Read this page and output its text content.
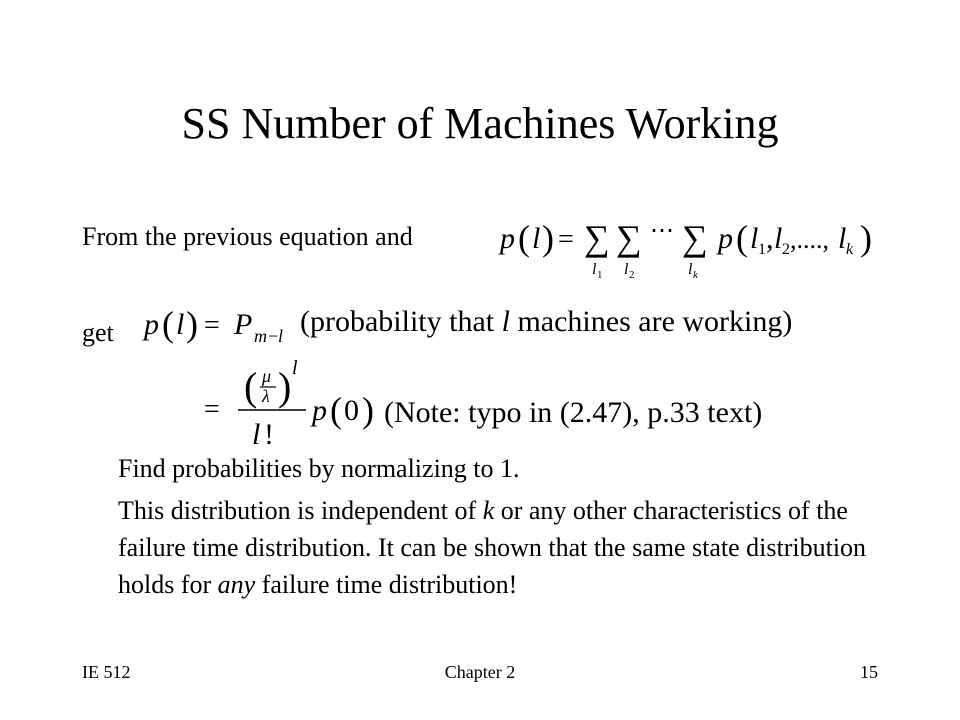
SS Number of Machines Working
From the previous equation and	p ( l ) = ∑
l 1
∑
l 2
⋯ ∑
l k
p ( l 1 , l 2 ,...., l k )
get p ( l ) = P m − l (probability that l machines are working)
=
( μ
λ ) l
l !
p ( 0 ) (Note: typo in (2.47), p.33 text)
Find probabilities by normalizing to 1.
This distribution is independent of k or any other characteristics of the failure time distribution. It can be shown that the same state distribution holds for any failure time distribution!
IE 512	Chapter 2	15
